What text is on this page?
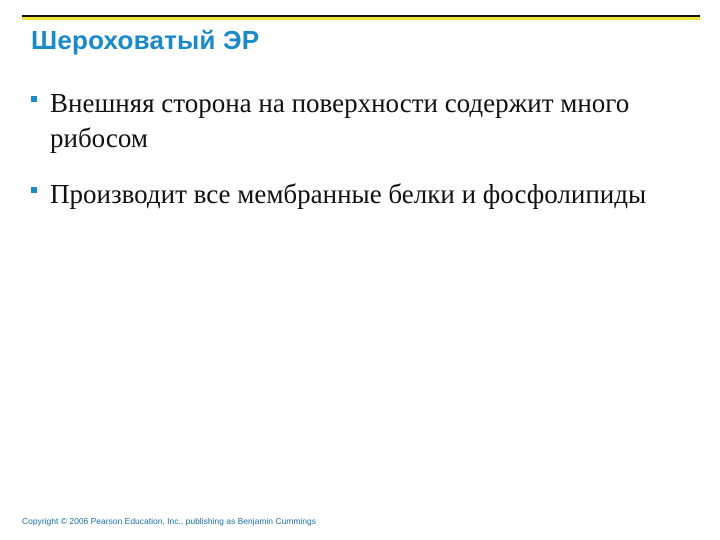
Шероховатый ЭР
Внешняя сторона на поверхности содержит много рибосом
Производит все мембранные белки и фосфолипиды

Copyright © 2006 Pearson Education, Inc., publishing as Benjamin Cummings
